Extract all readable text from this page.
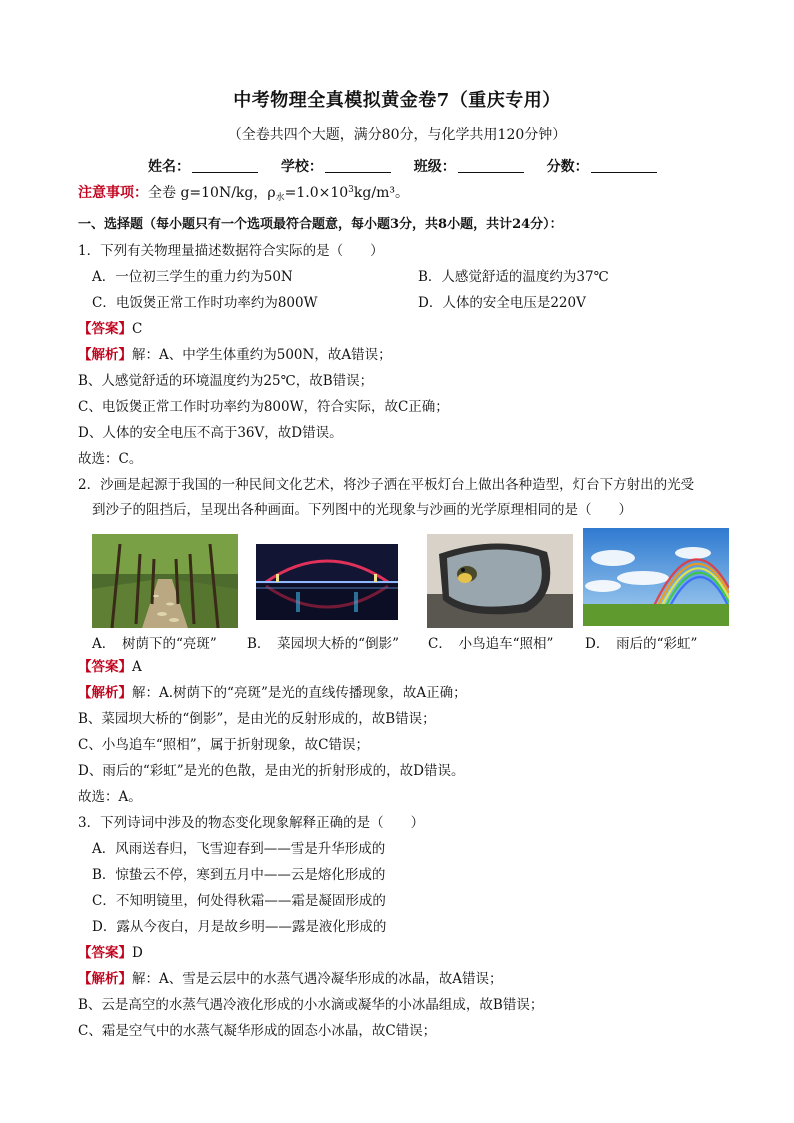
中考物理全真模拟黄金卷7（重庆专用）
（全卷共四个大题，满分80分，与化学共用120分钟）
姓名：	学校：	班级：	分数：
注意事项：全卷 g=10N/kg，$\rho_水=1.0\times 10^3kg/m^3$。
一、选择题（每小题只有一个选项最符合题意，每小题3分，共8小题，共计24分）：
1．下列有关物理量描述数据符合实际的是（　　）
A．一位初三学生的重力约为50N	B．人感觉舒适的温度约为37℃
C．电饭煲正常工作时功率约为800W	D．人体的安全电压是220V
【答案】C
【解析】解：A、中学生体重约为500N，故A错误；
B、人感觉舒适的环境温度约为25℃，故B错误；
C、电饭煲正常工作时功率约为800W，符合实际，故C正确；
D、人体的安全电压不高于36V，故D错误。
故选：C。
2．沙画是起源于我国的一种民间文化艺术，将沙子洒在平板灯台上做出各种造型，灯台下方射出的光受
到沙子的阻挡后，呈现出各种画面。下列图中的光现象与沙画的光学原理相同的是（　　）
A．　树荫下的“亮斑” B．　菜园坝大桥的“倒影” C．　小鸟追车“照相” D．　雨后的“彩虹”
【答案】A
【解析】解：A.树荫下的“亮斑”是光的直线传播现象，故A正确；
B、菜园坝大桥的“倒影”，是由光的反射形成的，故B错误；
C、小鸟追车“照相”，属于折射现象，故C错误；
D、雨后的“彩虹”是光的色散，是由光的折射形成的，故D错误。
故选：A。
3．下列诗词中涉及的物态变化现象解释正确的是（　　）
A．风雨送春归，飞雪迎春到——雪是升华形成的
B．惊蛰云不停，寒到五月中——云是熔化形成的
C．不知明镜里，何处得秋霜——霜是凝固形成的
D．露从今夜白，月是故乡明——露是液化形成的
【答案】D
【解析】解：A、雪是云层中的水蒸气遇冷凝华形成的冰晶，故A错误；
B、云是高空的水蒸气遇冷液化形成的小水滴或凝华的小冰晶组成，故B错误；
C、霜是空气中的水蒸气凝华形成的固态小冰晶，故C错误；
